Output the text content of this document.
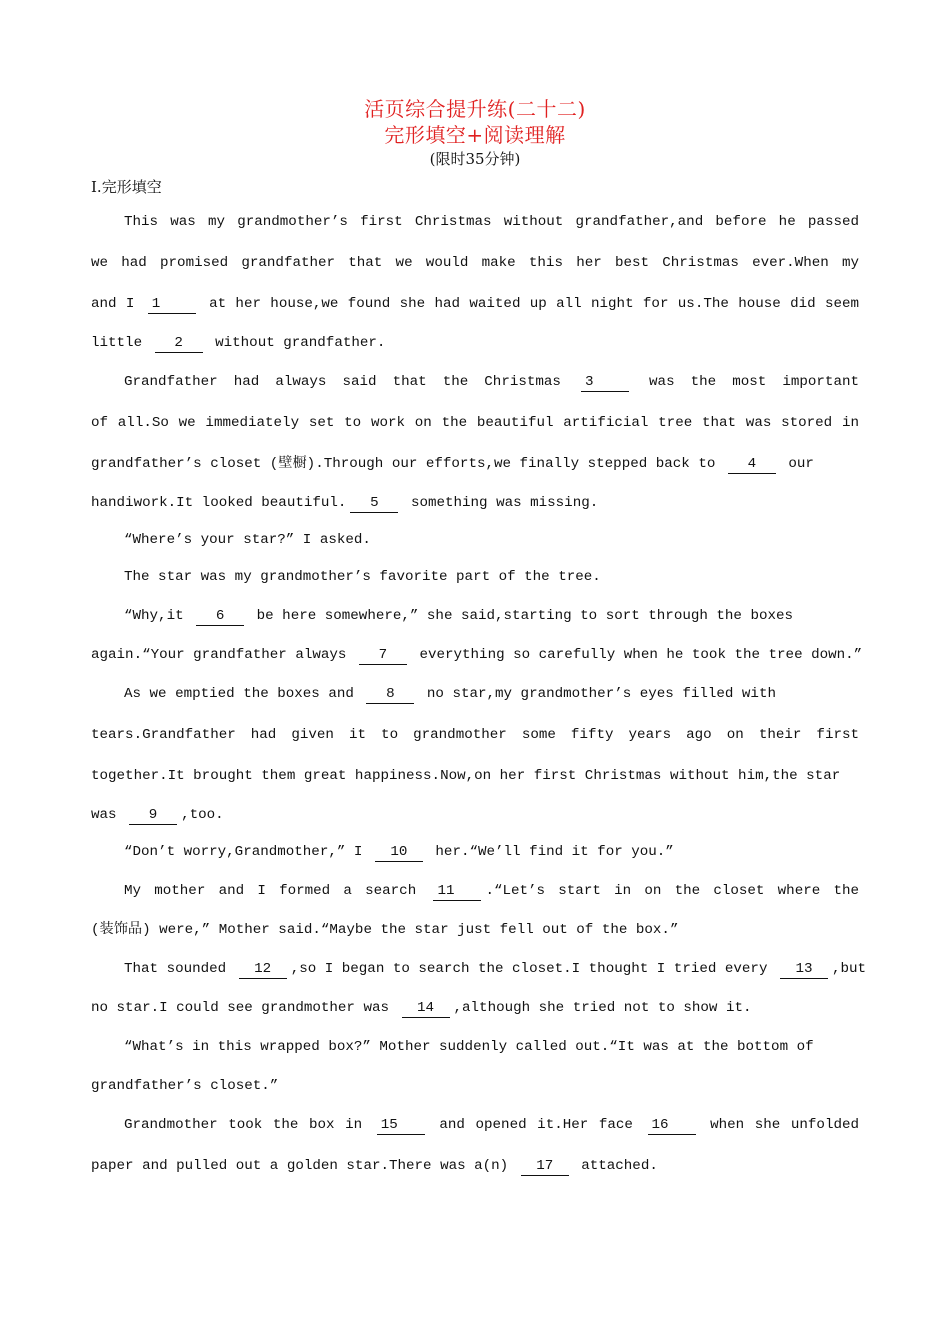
活页综合提升练(二十二)
完形填空+阅读理解
(限时35分钟)
I.完形填空
This was my grandmother’s first Christmas without grandfather,and before he passed
we had promised grandfather that we would make this her best Christmas ever.When my
and I 1	at her house,we found she had waited up all night for us.The house did seem
little 2 without grandfather.
Grandfather had always said that the Christmas 3	was the most important
of all.So we immediately set to work on the beautiful artificial tree that was stored in
grandfather’s closet (壁橱).Through our efforts,we finally stepped back to 4 our
handiwork.It looked beautiful. 5 something was missing.
“Where’s your star?” I asked.
The star was my grandmother’s favorite part of the tree.
“Why,it 6 be here somewhere,” she said,starting to sort through the boxes
again.“Your grandfather always 7 everything so carefully when he took the tree down.”
As we emptied the boxes and 8 no star,my grandmother’s eyes filled with
tears.Grandfather had given it to grandmother some fifty years ago on their first
together.It brought them great happiness.Now,on her first Christmas without him,the star
was 9 ,too.
“Don’t worry,Grandmother,” I 10 her.“We’ll find it for you.”
My mother and I formed a search 11 .“Let’s start in on the closet where the
(装饰品) were,” Mother said.“Maybe the star just fell out of the box.”
That sounded 12 ,so I began to search the closet.I thought I tried every 13 ,but
no star.I could see grandmother was 14 ,although she tried not to show it.
“What’s in this wrapped box?” Mother suddenly called out.“It was at the bottom of
grandfather’s closet.”
Grandmother took the box in 15	and opened it.Her face 16	when she unfolded
paper and pulled out a golden star.There was a(n) 17 attached.
